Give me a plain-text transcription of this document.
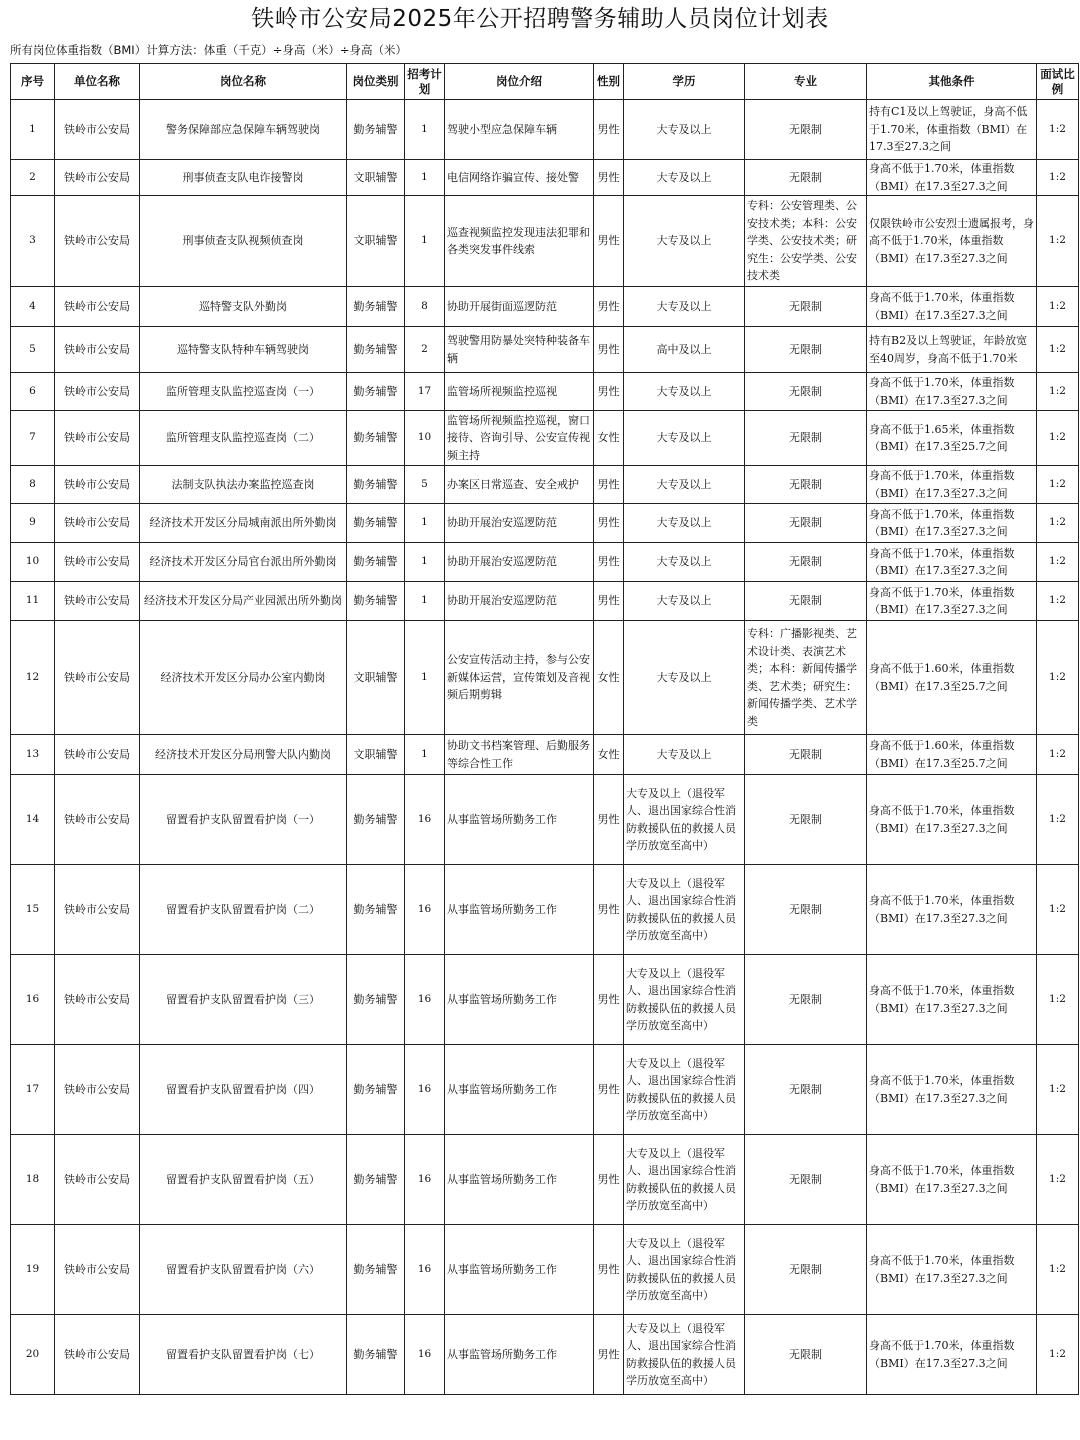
铁岭市公安局2025年公开招聘警务辅助人员岗位计划表
所有岗位体重指数（BMI）计算方法：体重（千克）÷身高（米）÷身高（米）
序号	单位名称	岗位名称	岗位类别	招考计划	岗位介绍	性别	学历	专业	其他条件	面试比例
1	铁岭市公安局	警务保障部应急保障车辆驾驶岗	勤务辅警	1	驾驶小型应急保障车辆	男性	大专及以上	无限制	持有C1及以上驾驶证，身高不低于1.70米，体重指数（BMI）在17.3至27.3之间	1:2
2	铁岭市公安局	刑事侦查支队电诈接警岗	文职辅警	1	电信网络诈骗宣传、接处警	男性	大专及以上	无限制	身高不低于1.70米，体重指数（BMI）在17.3至27.3之间	1:2
3	铁岭市公安局	刑事侦查支队视频侦查岗	文职辅警	1	巡查视频监控发现违法犯罪和各类突发事件线索	男性	大专及以上	专科：公安管理类、公安技术类；本科：公安学类、公安技术类；研究生：公安学类、公安技术类	仅限铁岭市公安烈士遗属报考，身高不低于1.70米，体重指数（BMI）在17.3至27.3之间	1:2
4	铁岭市公安局	巡特警支队外勤岗	勤务辅警	8	协助开展街面巡逻防范	男性	大专及以上	无限制	身高不低于1.70米，体重指数（BMI）在17.3至27.3之间	1:2
5	铁岭市公安局	巡特警支队特种车辆驾驶岗	勤务辅警	2	驾驶警用防暴处突特种装备车辆	男性	高中及以上	无限制	持有B2及以上驾驶证，年龄放宽至40周岁，身高不低于1.70米	1:2
6	铁岭市公安局	监所管理支队监控巡查岗（一）	勤务辅警	17	监管场所视频监控巡视	男性	大专及以上	无限制	身高不低于1.70米，体重指数（BMI）在17.3至27.3之间	1:2
7	铁岭市公安局	监所管理支队监控巡查岗（二）	勤务辅警	10	监管场所视频监控巡视，窗口接待、咨询引导、公安宣传视频主持	女性	大专及以上	无限制	身高不低于1.65米，体重指数（BMI）在17.3至25.7之间	1:2
8	铁岭市公安局	法制支队执法办案监控巡查岗	勤务辅警	5	办案区日常巡查、安全戒护	男性	大专及以上	无限制	身高不低于1.70米，体重指数（BMI）在17.3至27.3之间	1:2
9	铁岭市公安局	经济技术开发区分局城南派出所外勤岗	勤务辅警	1	协助开展治安巡逻防范	男性	大专及以上	无限制	身高不低于1.70米，体重指数（BMI）在17.3至27.3之间	1:2
10	铁岭市公安局	经济技术开发区分局官台派出所外勤岗	勤务辅警	1	协助开展治安巡逻防范	男性	大专及以上	无限制	身高不低于1.70米，体重指数（BMI）在17.3至27.3之间	1:2
11	铁岭市公安局	经济技术开发区分局产业园派出所外勤岗	勤务辅警	1	协助开展治安巡逻防范	男性	大专及以上	无限制	身高不低于1.70米，体重指数（BMI）在17.3至27.3之间	1:2
12	铁岭市公安局	经济技术开发区分局办公室内勤岗	文职辅警	1	公安宣传活动主持，参与公安新媒体运营，宣传策划及音视频后期剪辑	女性	大专及以上	专科：广播影视类、艺术设计类、表演艺术类；本科：新闻传播学类、艺术类；研究生：新闻传播学类、艺术学类	身高不低于1.60米，体重指数（BMI）在17.3至25.7之间	1:2
13	铁岭市公安局	经济技术开发区分局刑警大队内勤岗	文职辅警	1	协助文书档案管理、后勤服务等综合性工作	女性	大专及以上	无限制	身高不低于1.60米，体重指数（BMI）在17.3至25.7之间	1:2
14	铁岭市公安局	留置看护支队留置看护岗（一）	勤务辅警	16	从事监管场所勤务工作	男性	大专及以上（退役军人、退出国家综合性消防救援队伍的救援人员学历放宽至高中）	无限制	身高不低于1.70米，体重指数（BMI）在17.3至27.3之间	1:2
15	铁岭市公安局	留置看护支队留置看护岗（二）	勤务辅警	16	从事监管场所勤务工作	男性	大专及以上（退役军人、退出国家综合性消防救援队伍的救援人员学历放宽至高中）	无限制	身高不低于1.70米，体重指数（BMI）在17.3至27.3之间	1:2
16	铁岭市公安局	留置看护支队留置看护岗（三）	勤务辅警	16	从事监管场所勤务工作	男性	大专及以上（退役军人、退出国家综合性消防救援队伍的救援人员学历放宽至高中）	无限制	身高不低于1.70米，体重指数（BMI）在17.3至27.3之间	1:2
17	铁岭市公安局	留置看护支队留置看护岗（四）	勤务辅警	16	从事监管场所勤务工作	男性	大专及以上（退役军人、退出国家综合性消防救援队伍的救援人员学历放宽至高中）	无限制	身高不低于1.70米，体重指数（BMI）在17.3至27.3之间	1:2
18	铁岭市公安局	留置看护支队留置看护岗（五）	勤务辅警	16	从事监管场所勤务工作	男性	大专及以上（退役军人、退出国家综合性消防救援队伍的救援人员学历放宽至高中）	无限制	身高不低于1.70米，体重指数（BMI）在17.3至27.3之间	1:2
19	铁岭市公安局	留置看护支队留置看护岗（六）	勤务辅警	16	从事监管场所勤务工作	男性	大专及以上（退役军人、退出国家综合性消防救援队伍的救援人员学历放宽至高中）	无限制	身高不低于1.70米，体重指数（BMI）在17.3至27.3之间	1:2
20	铁岭市公安局	留置看护支队留置看护岗（七）	勤务辅警	16	从事监管场所勤务工作	男性	大专及以上（退役军人、退出国家综合性消防救援队伍的救援人员学历放宽至高中）	无限制	身高不低于1.70米，体重指数（BMI）在17.3至27.3之间	1:2
